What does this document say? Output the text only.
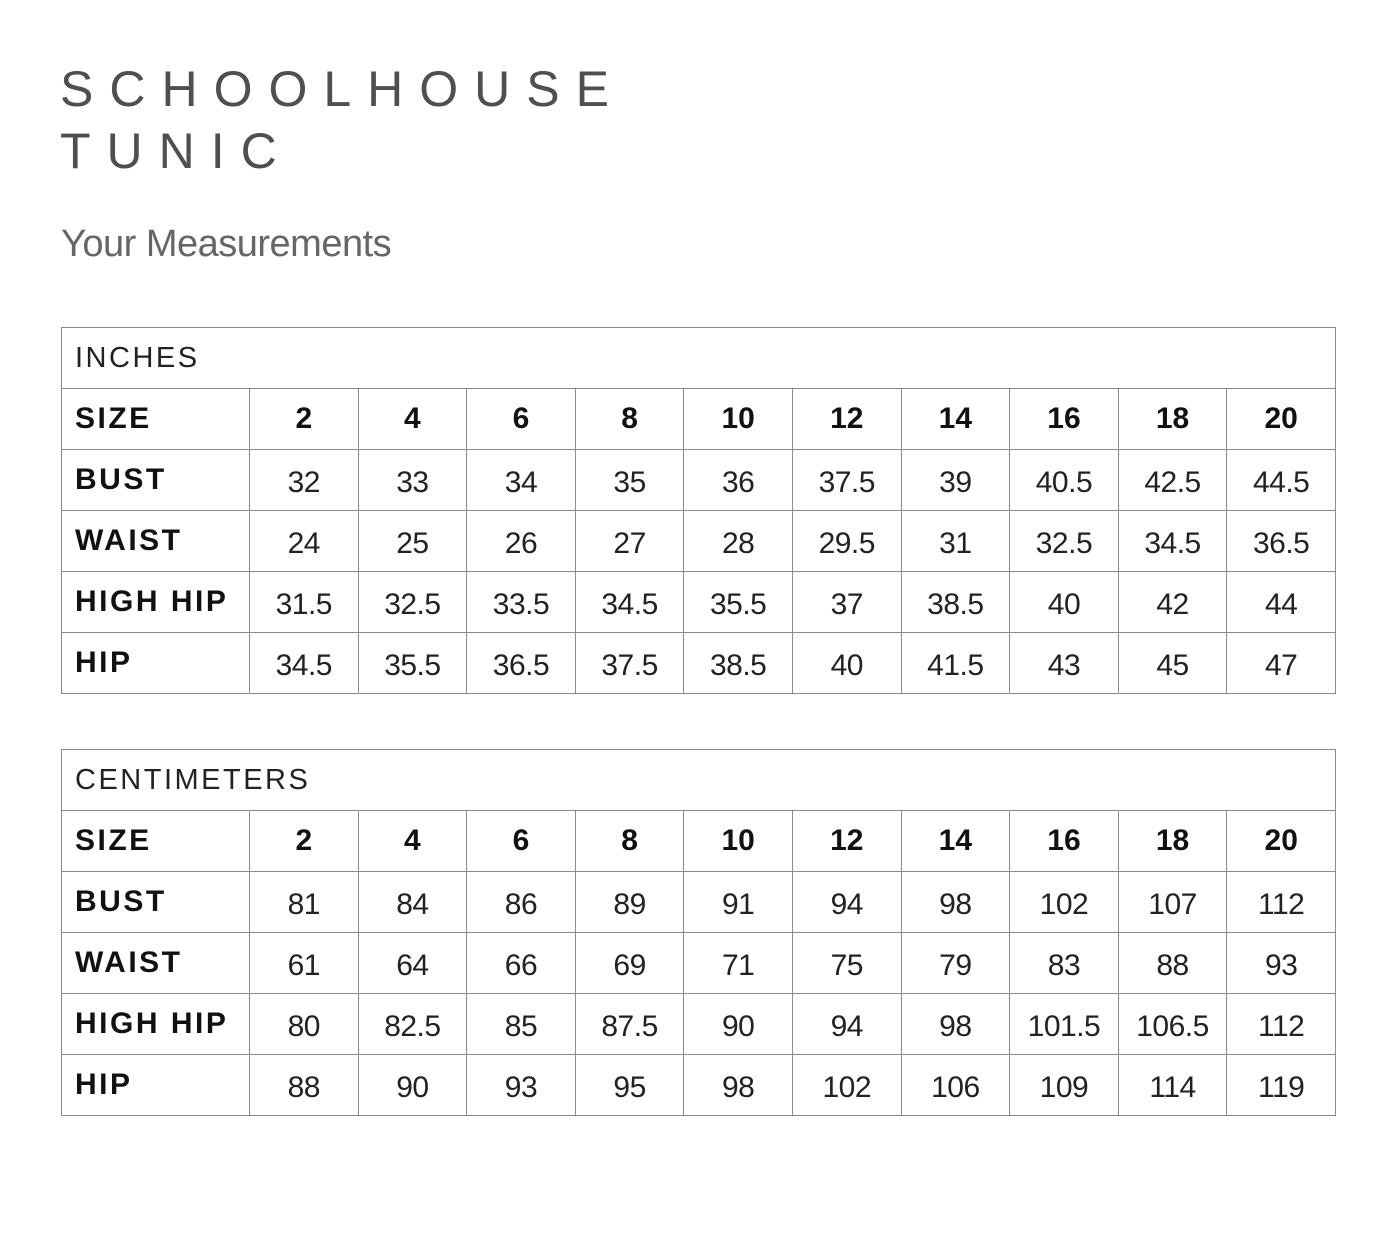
SCHOOLHOUSE
TUNIC
Your Measurements
INCHES										
SIZE	2	4	6	8	10	12	14	16	18	20
BUST	32	33	34	35	36	37.5	39	40.5	42.5	44.5
WAIST	24	25	26	27	28	29.5	31	32.5	34.5	36.5
HIGH HIP	31.5	32.5	33.5	34.5	35.5	37	38.5	40	42	44
HIP	34.5	35.5	36.5	37.5	38.5	40	41.5	43	45	47
CENTIMETERS										
SIZE	2	4	6	8	10	12	14	16	18	20
BUST	81	84	86	89	91	94	98	102	107	112
WAIST	61	64	66	69	71	75	79	83	88	93
HIGH HIP	80	82.5	85	87.5	90	94	98	101.5	106.5	112
HIP	88	90	93	95	98	102	106	109	114	119
